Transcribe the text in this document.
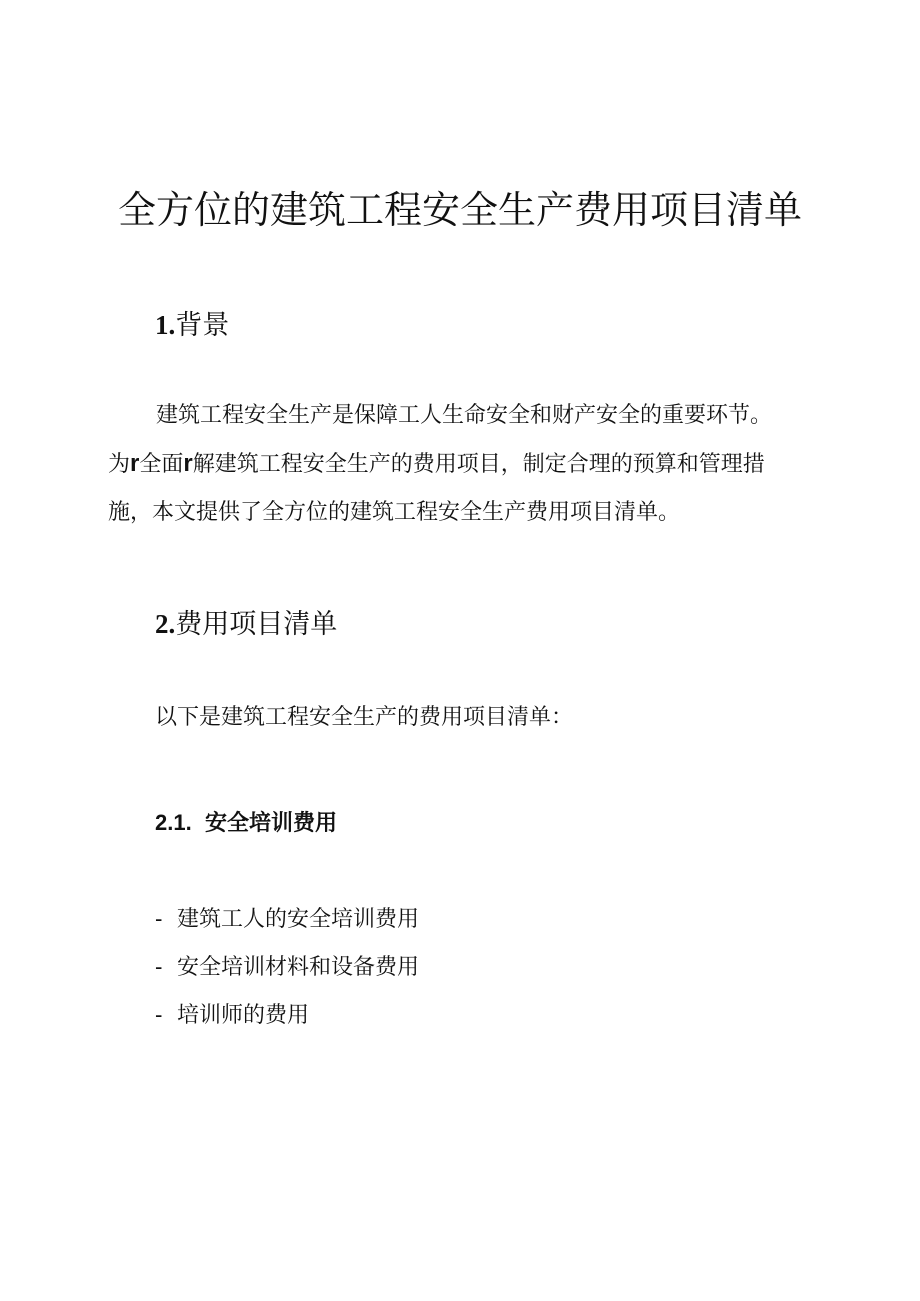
全方位的建筑工程安全生产费用项目清单
1.背景
建筑工程安全生产是保障工人生命安全和财产安全的重要环节。
为r全面r解建筑工程安全生产的费用项目，制定合理的预算和管理措
施，本文提供了全方位的建筑工程安全生产费用项目清单。
2.费用项目清单
以下是建筑工程安全生产的费用项目清单：
2.1. 安全培训费用
- 建筑工人的安全培训费用
- 安全培训材料和设备费用
- 培训师的费用
